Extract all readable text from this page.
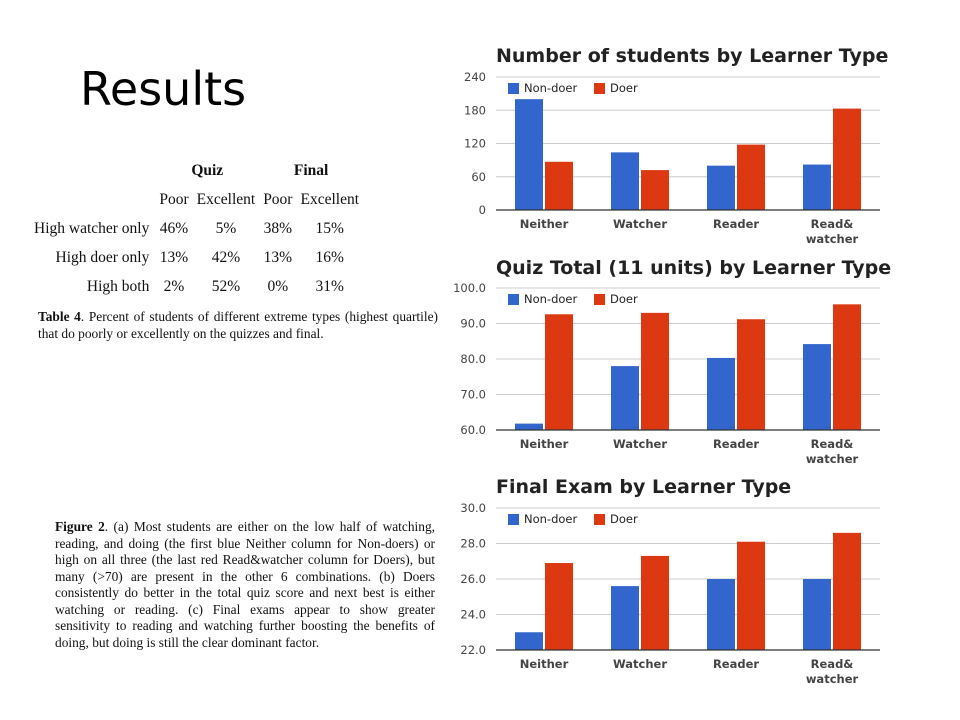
Results
	Quiz		Final	
	Poor	Excellent	Poor	Excellent
High watcher only	46%	5%	38%	15%
High doer only	13%	42%	13%	16%
High both	2%	52%	0%	31%

Table 4. Percent of students of different extreme types (highest quartile) that do poorly or excellently on the quizzes and final.

Figure 2. (a) Most students are either on the low half of watching, reading, and doing (the first blue Neither column for Non-doers) or high on all three (the last red Read&watcher column for Doers), but many (>70) are present in the other 6 combinations. (b) Doers consistently do better in the total quiz score and next best is either watching or reading. (c) Final exams appear to show greater sensitivity to reading and watching further boosting the benefits of doing, but doing is still the clear dominant factor.

Number of students by Learner Type
0
60
120
180
240
Neither	Watcher	Reader	Read&
watcher
Non-doer	Doer
Quiz Total (11 units) by Learner Type
60.0
70.0
80.0
90.0
100.0
Neither	Watcher	Reader	Read&
watcher
Non-doer	Doer
Final Exam by Learner Type
22.0
24.0
26.0
28.0
30.0
Neither	Watcher	Reader	Read&
watcher
Non-doer	Doer
